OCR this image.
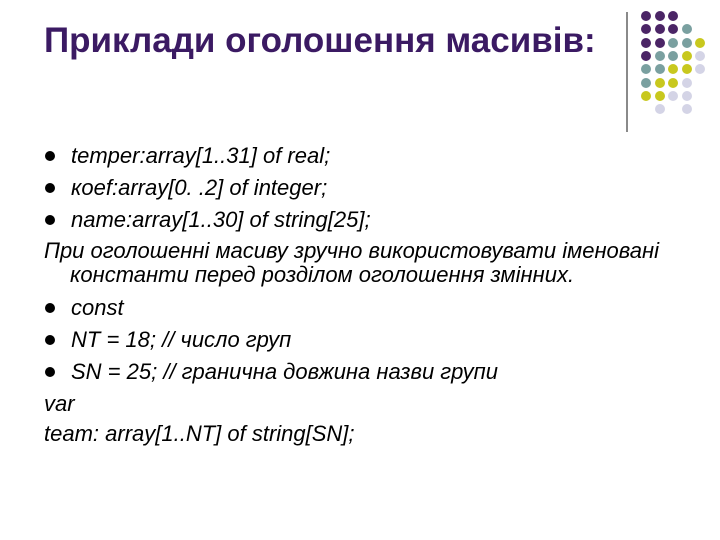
Приклади оголошення масивів:
temper:array[1..31] of real;
коef:array[0. .2] of integer;
name:array[1..30] of string[25];
При оголошенні масиву зручно використовувати іменовані константи перед розділом оголошення змінних.
const
NT = 18; // число груп
SN = 25; // гранична довжина назви групи
var
team: array[1..NT] of string[SN];
